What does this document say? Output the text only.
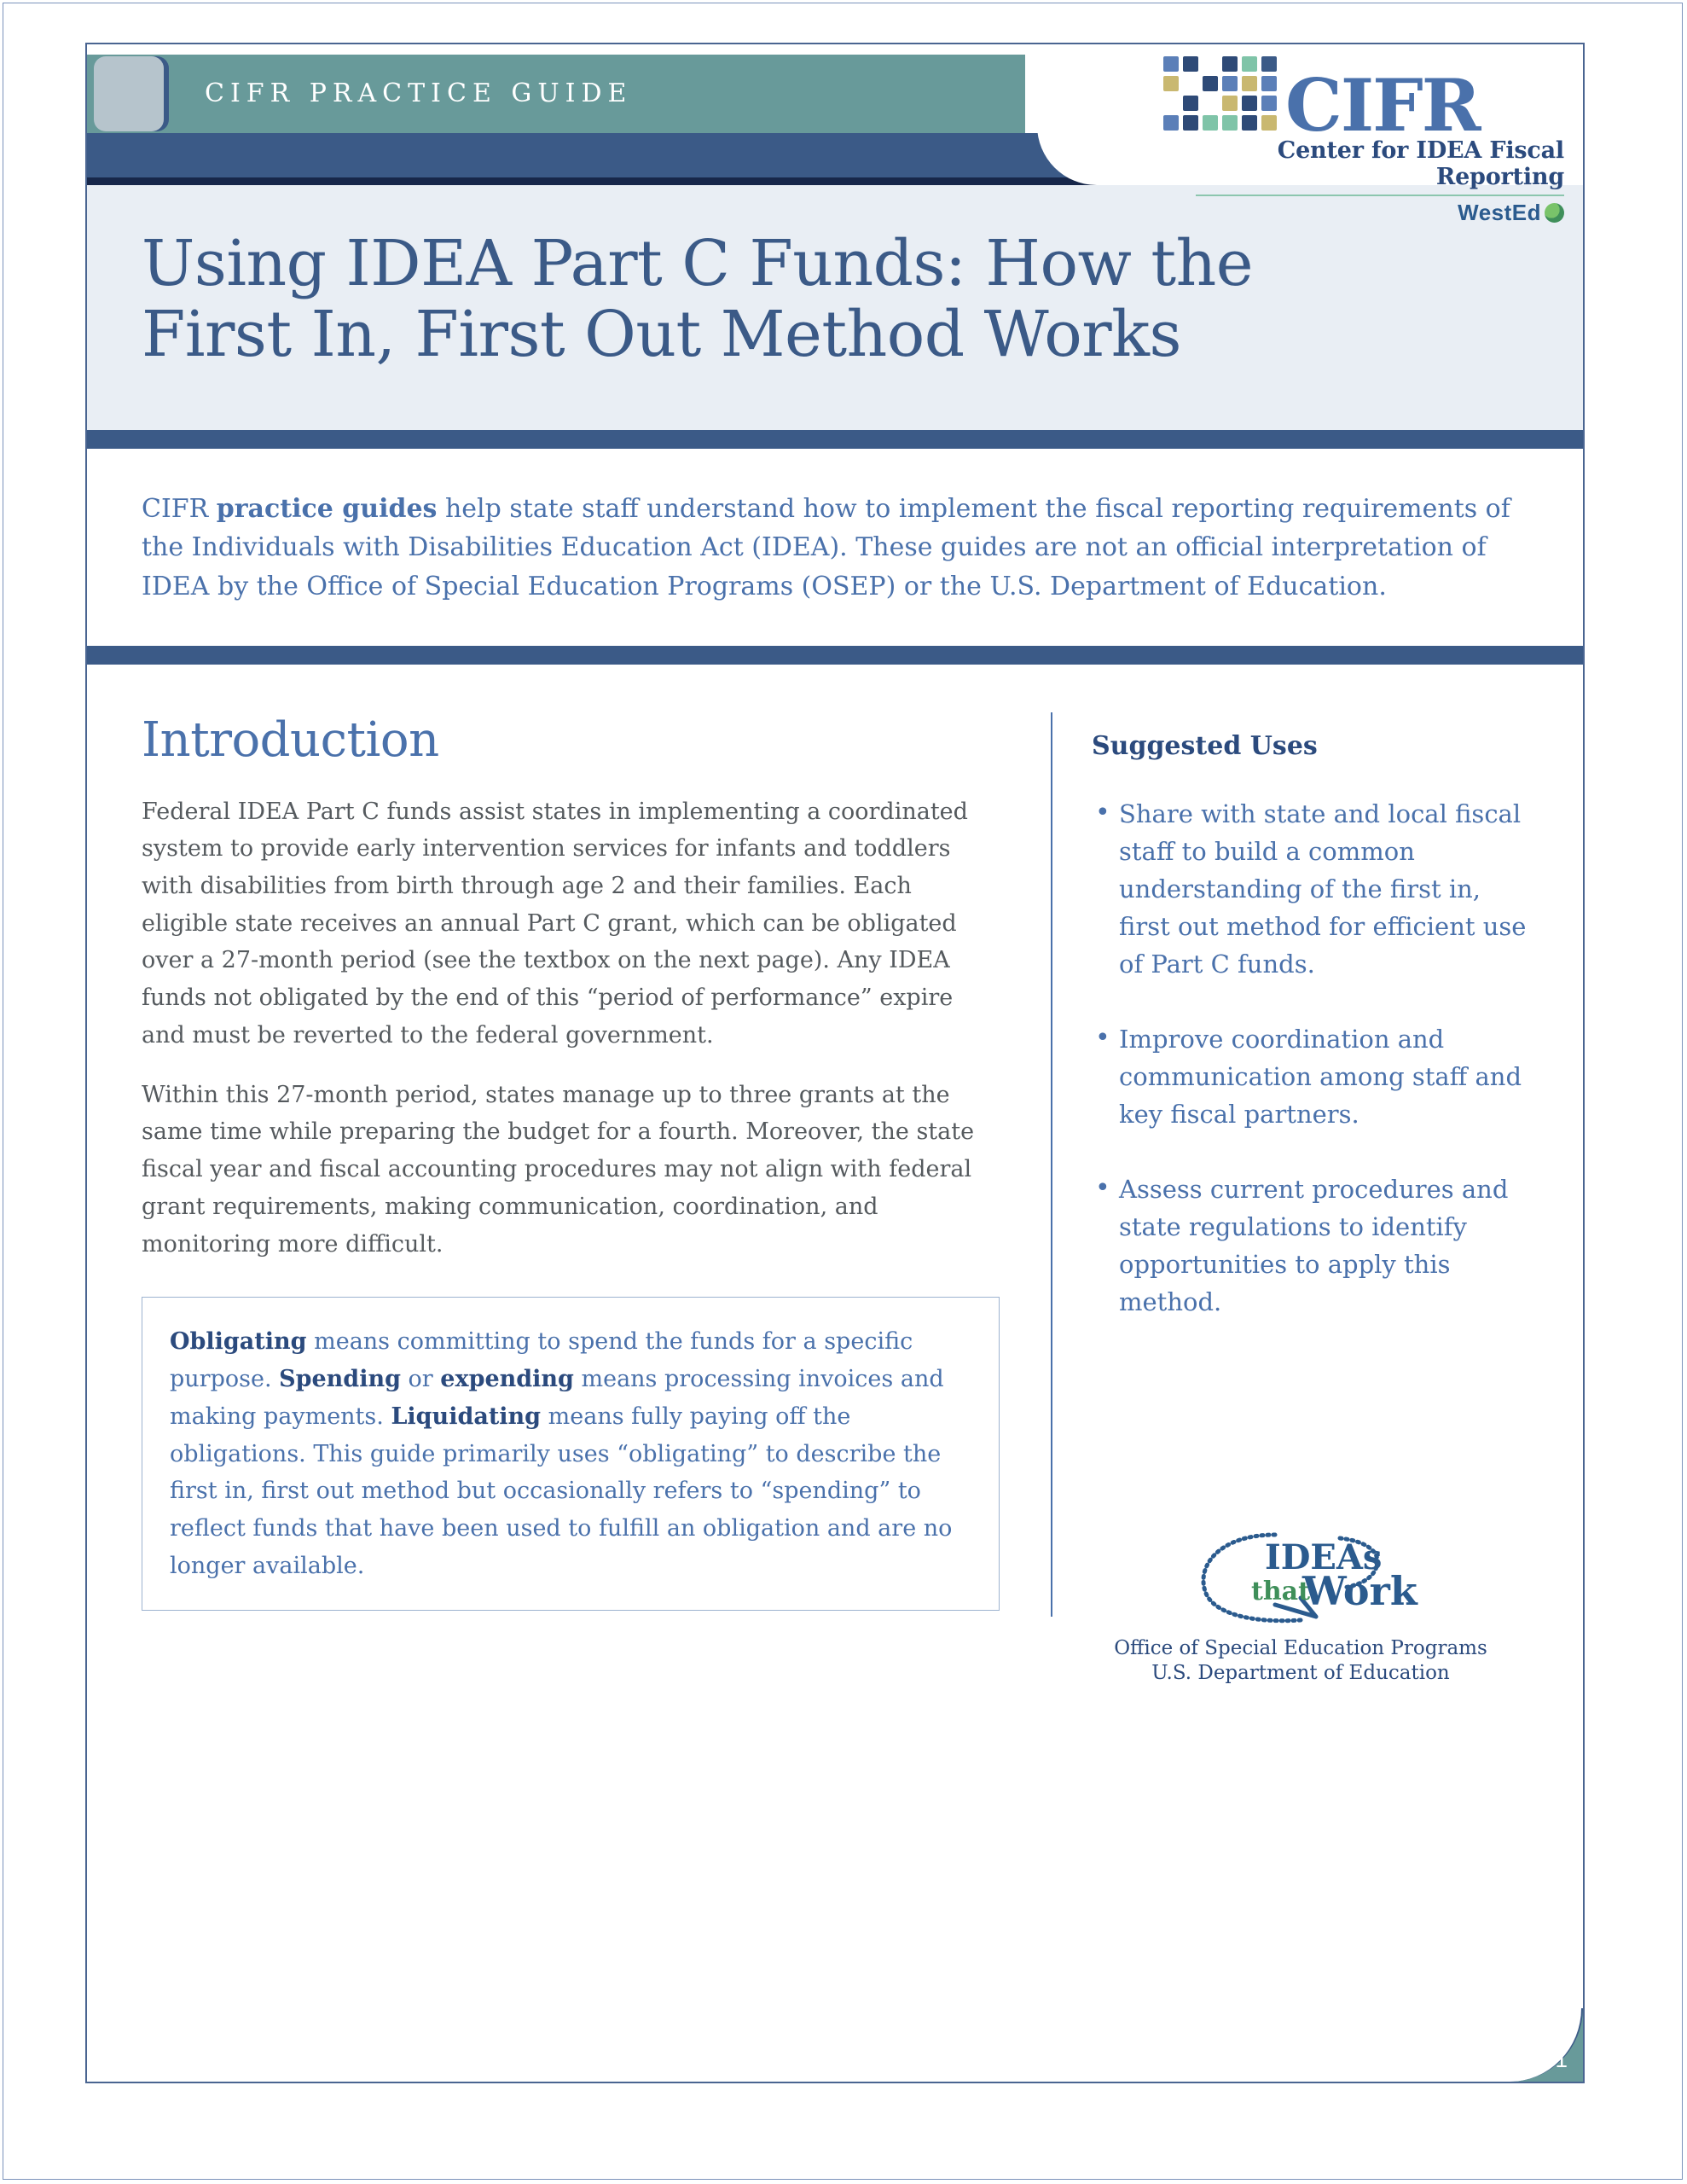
CIFR PRACTICE GUIDE	CIFR
Center for IDEA Fiscal Reporting
WestEd
Using IDEA Part C Funds: How the
First In, First Out Method Works

CIFR practice guides help state staff understand how to implement the fiscal reporting requirements of the Individuals with Disabilities Education Act (IDEA). These guides are not an official interpretation of IDEA by the Office of Special Education Programs (OSEP) or the U.S. Department of Education.

Introduction

Federal IDEA Part C funds assist states in implementing a coordinated system to provide early intervention services for infants and toddlers with disabilities from birth through age 2 and their families. Each eligible state receives an annual Part C grant, which can be obligated over a 27-month period (see the textbox on the next page). Any IDEA funds not obligated by the end of this “period of performance” expire and must be reverted to the federal government.

Within this 27-month period, states manage up to three grants at the same time while preparing the budget for a fourth. Moreover, the state fiscal year and fiscal accounting procedures may not align with federal grant requirements, making communication, coordination, and monitoring more difficult.

Obligating means committing to spend the funds for a specific purpose. Spending or expending means processing invoices and making payments. Liquidating means fully paying off the obligations. This guide primarily uses “obligating” to describe the first in, first out method but occasionally refers to “spending” to reflect funds that have been used to fulfill an obligation and are no longer available.

Suggested Uses
• Share with state and local fiscal staff to build a common understanding of the first in, first out method for efficient use of Part C funds.
• Improve coordination and communication among staff and key fiscal partners.
• Assess current procedures and state regulations to identify opportunities to apply this method.
IDEAs
that
Work
Office of Special Education Programs
U.S. Department of Education
1
